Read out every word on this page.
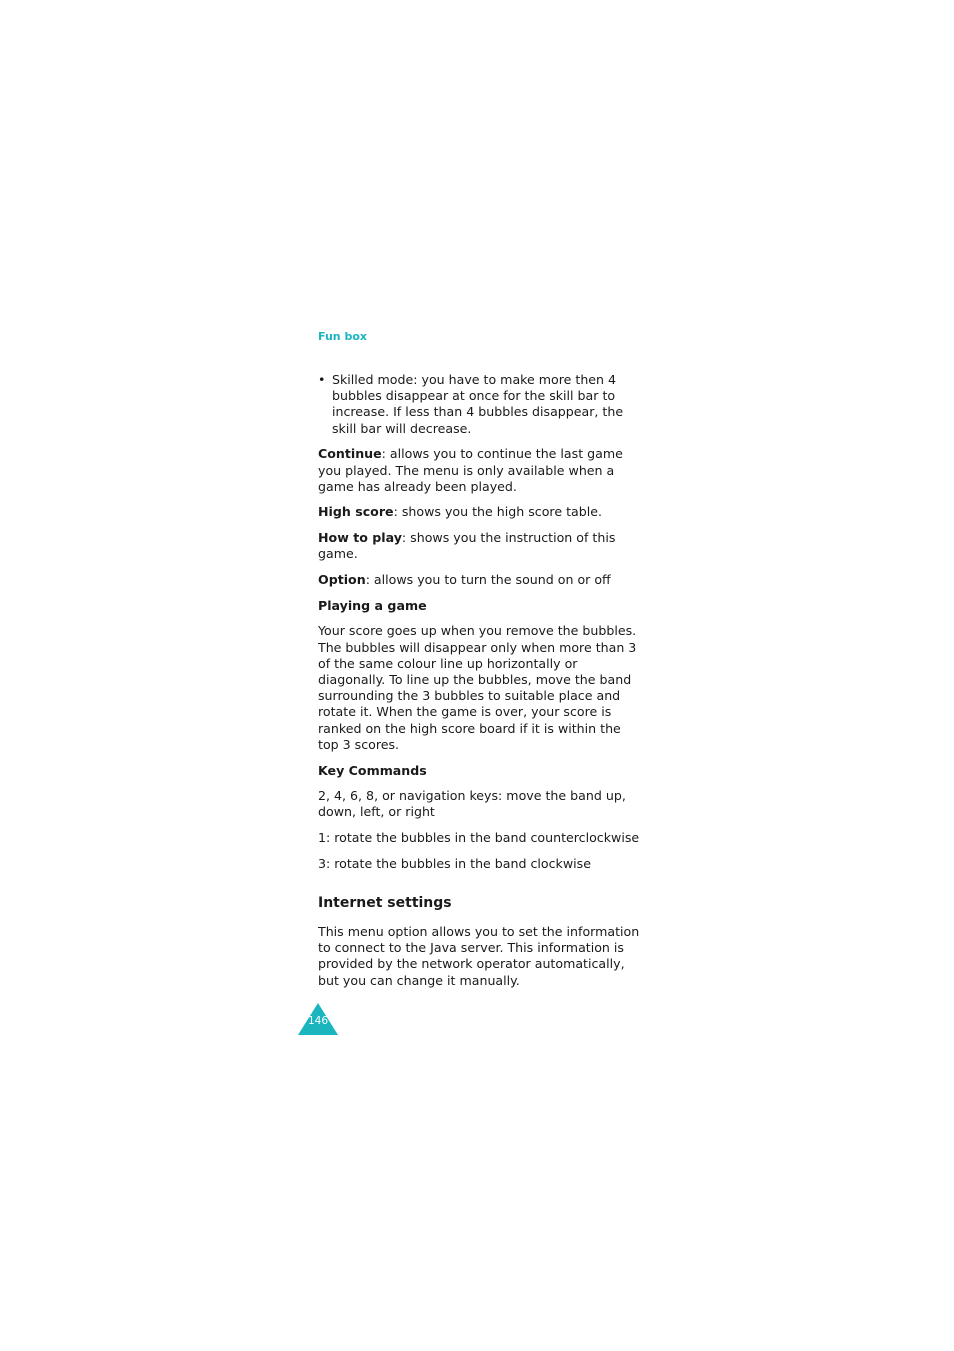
Fun box
• Skilled mode: you have to make more then 4 bubbles disappear at once for the skill bar to increase. If less than 4 bubbles disappear, the skill bar will decrease.

Continue: allows you to continue the last game you played. The menu is only available when a game has already been played.

High score: shows you the high score table.

How to play: shows you the instruction of this game.

Option: allows you to turn the sound on or off

Playing a game

Your score goes up when you remove the bubbles. The bubbles will disappear only when more than 3 of the same colour line up horizontally or diagonally. To line up the bubbles, move the band surrounding the 3 bubbles to suitable place and rotate it. When the game is over, your score is ranked on the high score board if it is within the top 3 scores.

Key Commands

2, 4, 6, 8, or navigation keys: move the band up, down, left, or right

1: rotate the bubbles in the band counterclockwise

3: rotate the bubbles in the band clockwise

Internet settings

This menu option allows you to set the information to connect to the Java server. This information is provided by the network operator automatically, but you can change it manually.

146
